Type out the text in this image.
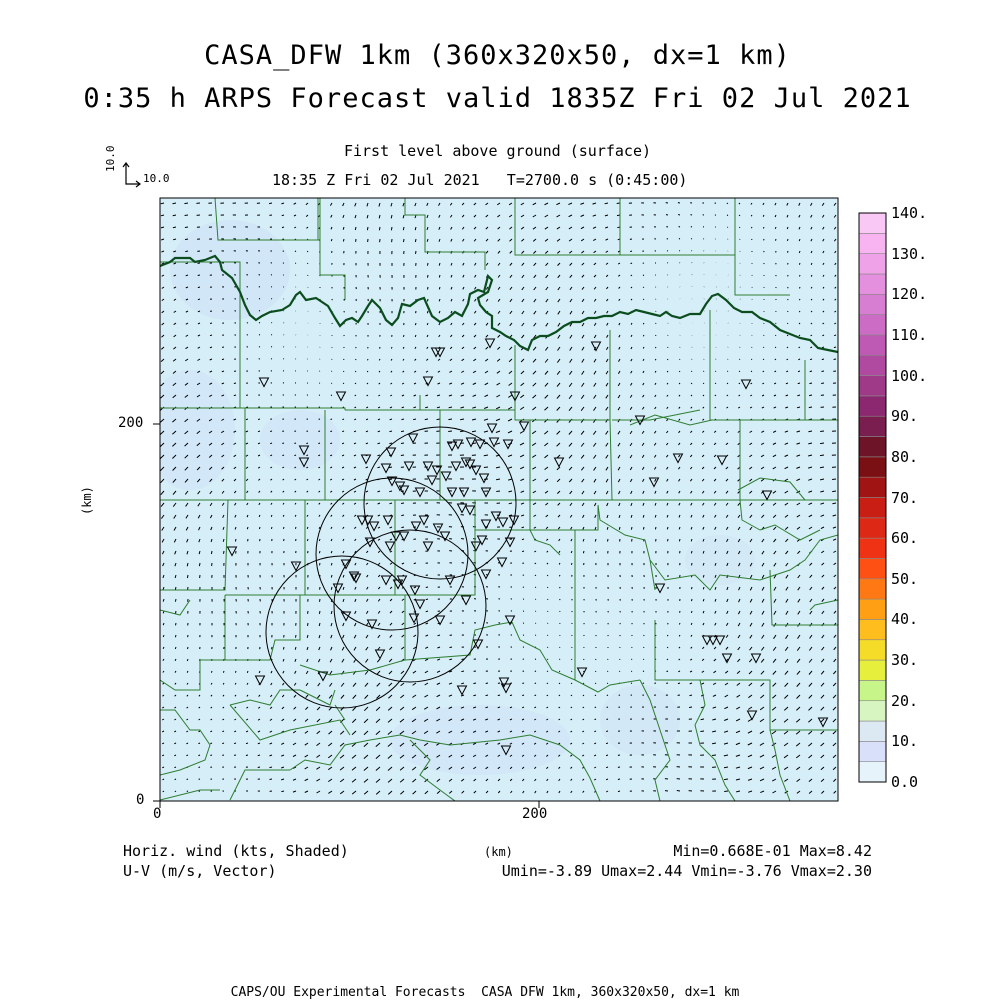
CASA_DFW 1km (360x320x50, dx=1 km)
0:35 h ARPS Forecast valid 1835Z Fri 02 Jul 2021
First level above ground (surface)
18:35 Z Fri 02 Jul 2021   T=2700.0 s (0:45:00)
10.0
10.0
200
0
0	200
(km)
0.0
10.
20.
30.
40.
50.
60.
70.
80.
90.
100.
110.
120.
130.
140.
Horiz. wind (kts, Shaded)
U-V (m/s, Vector)
(km)	Min=0.668E-01 Max=8.42
Umin=-3.89 Umax=2.44 Vmin=-3.76 Vmax=2.30
CAPS/OU Experimental Forecasts  CASA DFW 1km, 360x320x50, dx=1 km
